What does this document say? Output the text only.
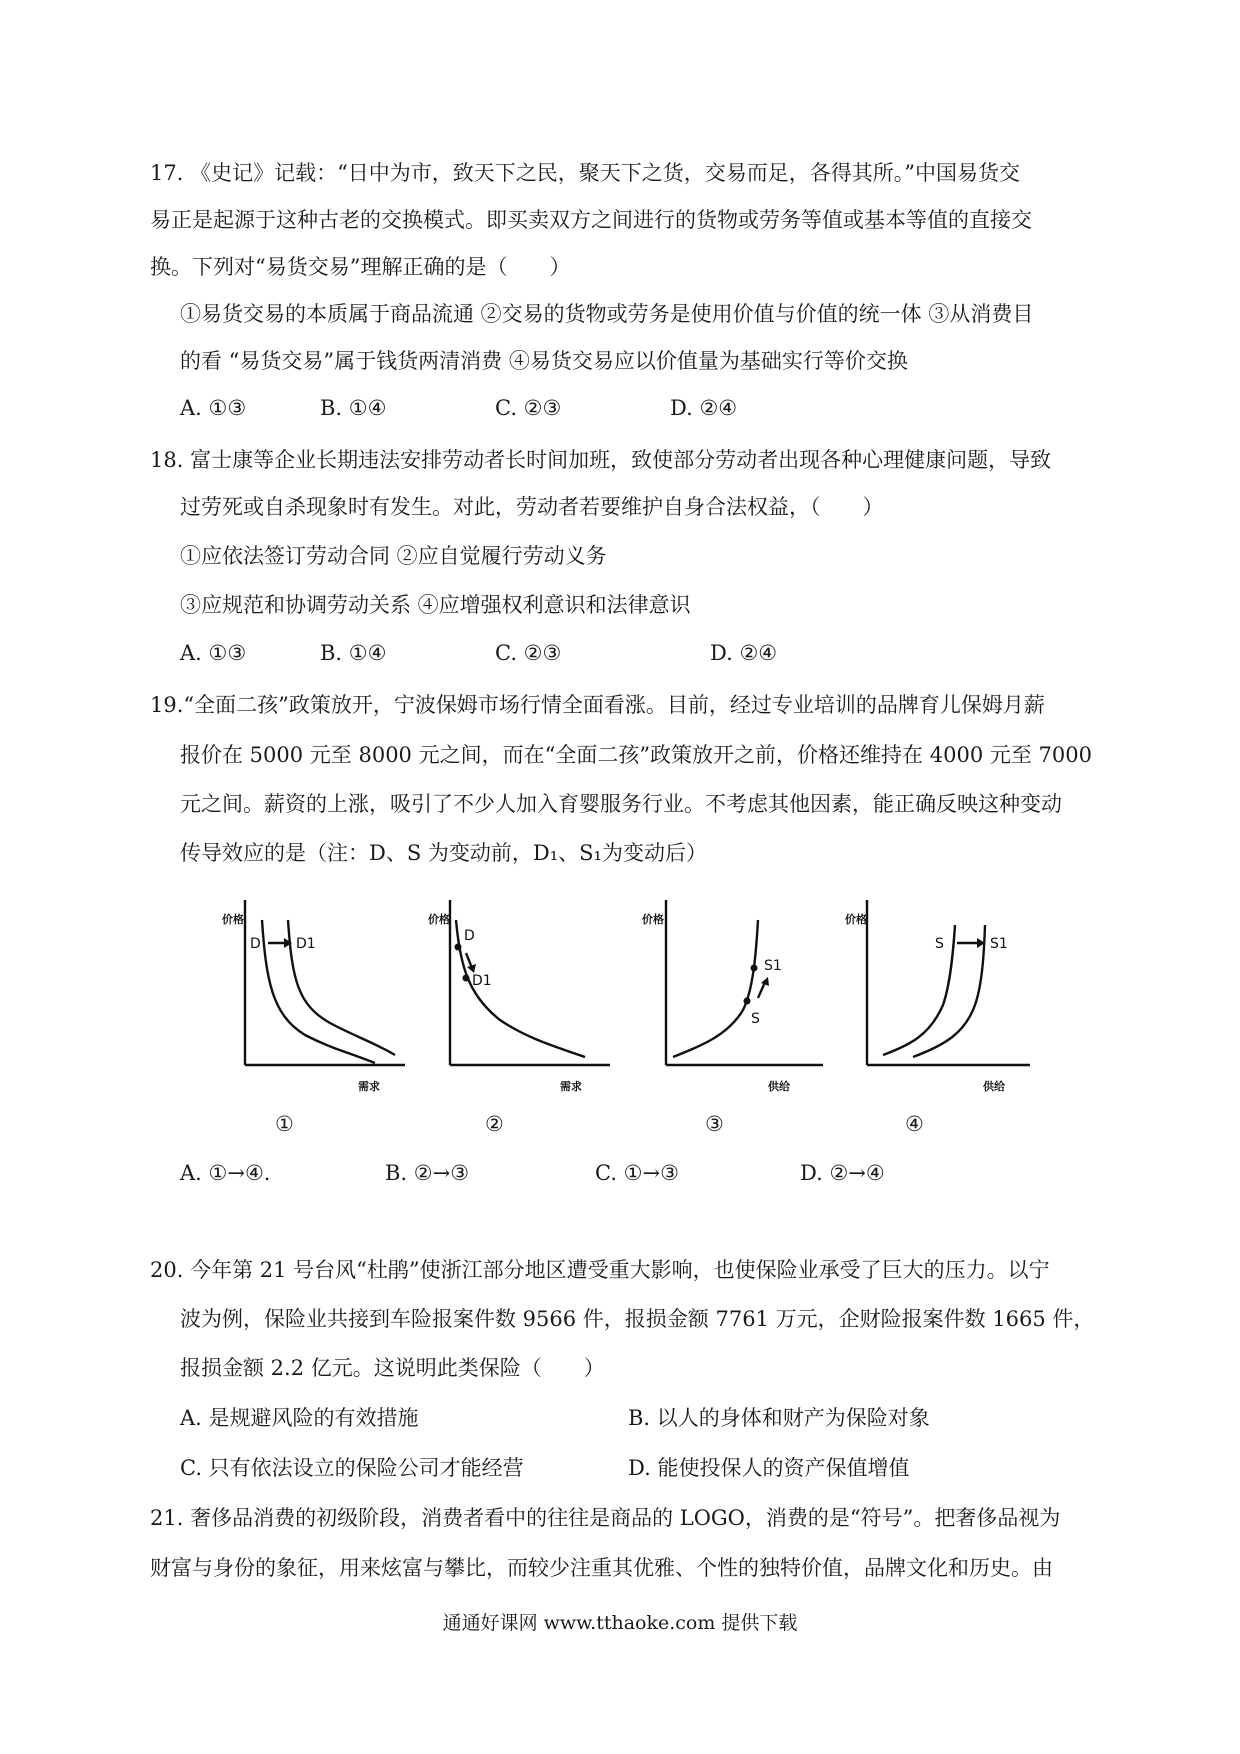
17. 《史记》记载：“日中为市，致天下之民，聚天下之货，交易而足，各得其所。”中国易货交
易正是起源于这种古老的交换模式。即买卖双方之间进行的货物或劳务等值或基本等值的直接交
换。下列对“易货交易”理解正确的是（　　）
①易货交易的本质属于商品流通 ②交易的货物或劳务是使用价值与价值的统一体 ③从消费目
的看 “易货交易”属于钱货两清消费 ④易货交易应以价值量为基础实行等价交换
A. ①③	B. ①④	C. ②③	D. ②④
18. 富士康等企业长期违法安排劳动者长时间加班，致使部分劳动者出现各种心理健康问题，导致
过劳死或自杀现象时有发生。对此，劳动者若要维护自身合法权益，（　　）
①应依法签订劳动合同 ②应自觉履行劳动义务
③应规范和协调劳动关系 ④应增强权利意识和法律意识
A. ①③	B. ①④	C. ②③	D. ②④
19.“全面二孩”政策放开，宁波保姆市场行情全面看涨。目前，经过专业培训的品牌育儿保姆月薪
报价在 5000 元至 8000 元之间，而在“全面二孩”政策放开之前，价格还维持在 4000 元至 7000
元之间。薪资的上涨，吸引了不少人加入育婴服务行业。不考虑其他因素，能正确反映这种变动
传导效应的是（注：D、S 为变动前，D₁、S₁为变动后）
价格
需求
D	D1
价格
需求
D
D1
价格
供给
S1
S
价格
供给
S	S1
①	②	③	④
A. ①→④.	B. ②→③	C. ①→③	D. ②→④
20. 今年第 21 号台风“杜鹃”使浙江部分地区遭受重大影响，也使保险业承受了巨大的压力。以宁
波为例，保险业共接到车险报案件数 9566 件，报损金额 7761 万元，企财险报案件数 1665 件，
报损金额 2.2 亿元。这说明此类保险（　　）
A. 是规避风险的有效措施	B. 以人的身体和财产为保险对象
C. 只有依法设立的保险公司才能经营	D. 能使投保人的资产保值增值
21. 奢侈品消费的初级阶段，消费者看中的往往是商品的 LOGO，消费的是“符号”。把奢侈品视为
财富与身份的象征，用来炫富与攀比，而较少注重其优雅、个性的独特价值，品牌文化和历史。由
通通好课网 www.tthaoke.com 提供下载
